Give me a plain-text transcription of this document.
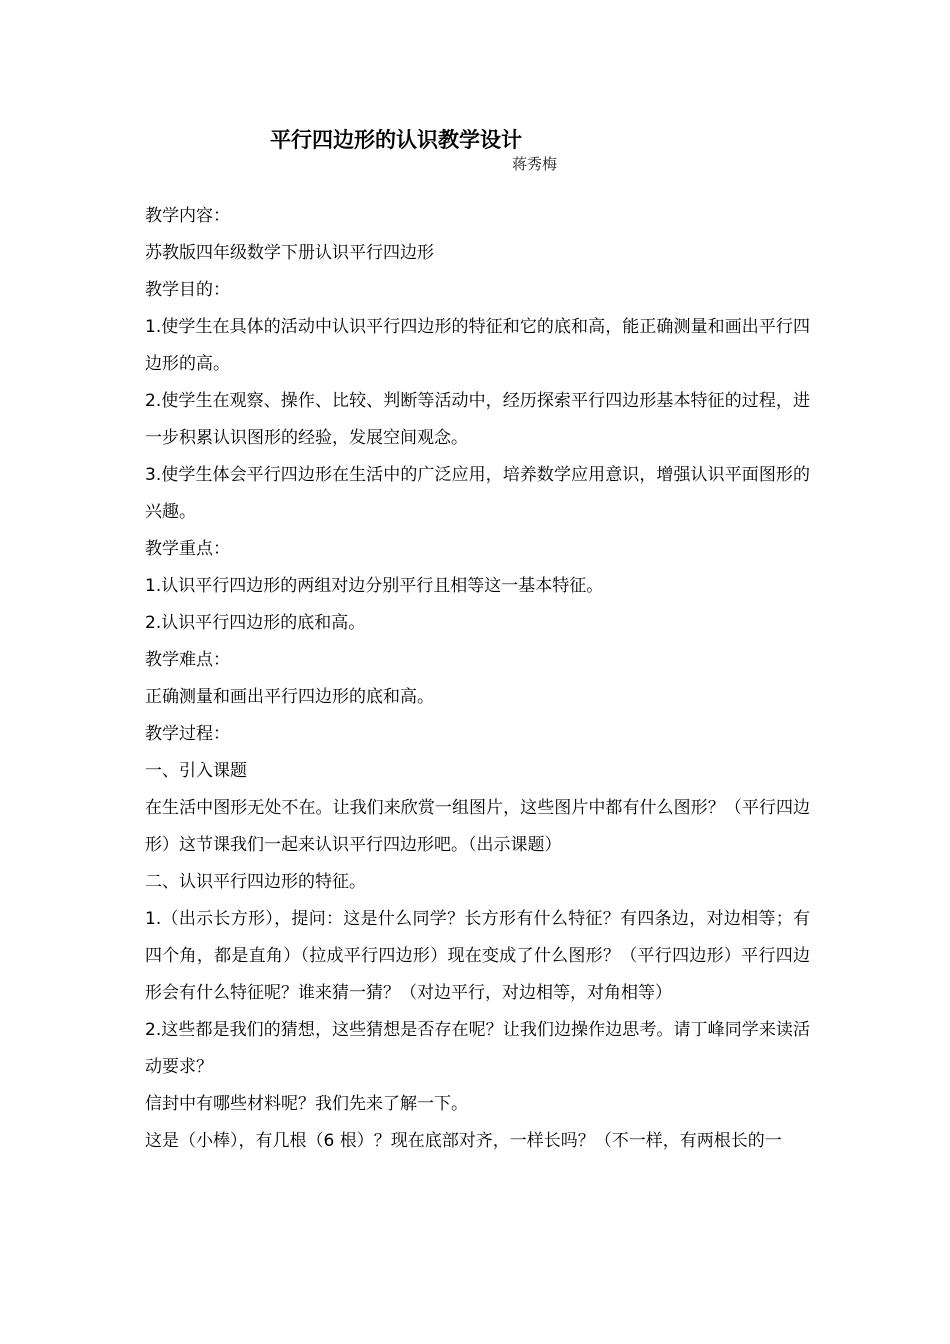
平行四边形的认识教学设计
蒋秀梅

教学内容：

苏教版四年级数学下册认识平行四边形

教学目的：

1.使学生在具体的活动中认识平行四边形的特征和它的底和高，能正确测量和画出平行四边形的高。

2.使学生在观察、操作、比较、判断等活动中，经历探索平行四边形基本特征的过程，进一步积累认识图形的经验，发展空间观念。

3.使学生体会平行四边形在生活中的广泛应用，培养数学应用意识，增强认识平面图形的兴趣。

教学重点：

1.认识平行四边形的两组对边分别平行且相等这一基本特征。

2.认识平行四边形的底和高。

教学难点：

正确测量和画出平行四边形的底和高。

教学过程：

一、引入课题

在生活中图形无处不在。让我们来欣赏一组图片，这些图片中都有什么图形？（平行四边形）这节课我们一起来认识平行四边形吧。（出示课题）

二、认识平行四边形的特征。

1.（出示长方形），提问：这是什么同学？长方形有什么特征？有四条边，对边相等；有四个角，都是直角）（拉成平行四边形）现在变成了什么图形？（平行四边形）平行四边形会有什么特征呢？谁来猜一猜？（对边平行，对边相等，对角相等）

2.这些都是我们的猜想，这些猜想是否存在呢？让我们边操作边思考。请丁峰同学来读活动要求？

信封中有哪些材料呢？我们先来了解一下。

这是（小棒），有几根（6 根）？现在底部对齐，一样长吗？（不一样，有两根长的一
